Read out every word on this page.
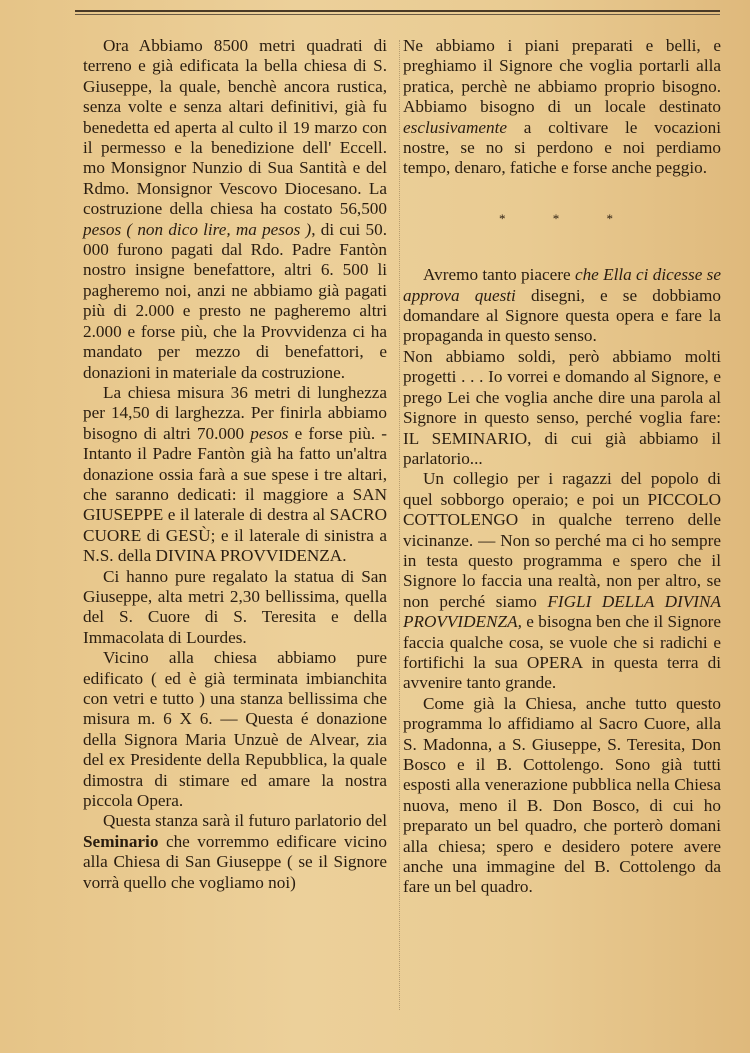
Ora Abbiamo 8500 metri quadrati di terreno e già edificata la bella chiesa di S. Giuseppe, la quale, benchè ancora rustica, senza volte e senza altari definitivi, già fu benedetta ed aperta al culto il 19 marzo con il permesso e la benedizione dell' Eccell. mo Monsignor Nunzio di Sua Santità e del Rdmo. Monsignor Vescovo Diocesano. La costruzione della chiesa ha costato 56,500 pesos ( non dico lire, ma pesos ), di cui 50. 000 furono pagati dal Rdo. Padre Fantòn nostro insigne benefattore, altri 6. 500 li pagheremo noi, anzi ne abbiamo già pagati più di 2.000 e presto ne pagheremo altri 2.000 e forse più, che la Provvidenza ci ha mandato per mezzo di benefattori, e donazioni in materiale da costruzione.

La chiesa misura 36 metri di lunghezza per 14,50 di larghezza. Per finirla abbiamo bisogno di altri 70.000 pesos e forse più. - Intanto il Padre Fantòn già ha fatto un'altra donazione ossia farà a sue spese i tre altari, che saranno dedicati: il maggiore a SAN GIUSEPPE e il laterale di destra al SACRO CUORE di GESÙ; e il laterale di sinistra a N.S. della DIVINA PROVVIDENZA.

Ci hanno pure regalato la statua di San Giuseppe, alta metri 2,30 bellissima, quella del S. Cuore di S. Teresita e della Immacolata di Lourdes.

Vicino alla chiesa abbiamo pure edificato ( ed è già terminata imbianchita con vetri e tutto ) una stanza bellissima che misura m. 6 X 6. — Questa é donazione della Signora Maria Unzuè de Alvear, zia del ex Presidente della Repubblica, la quale dimostra di stimare ed amare la nostra piccola Opera.

Questa stanza sarà il futuro parlatorio del Seminario che vorremmo edificare vicino alla Chiesa di San Giuseppe ( se il Signore vorrà quello che vogliamo noi)

Ne abbiamo i piani preparati e belli, e preghiamo il Signore che voglia portarli alla pratica, perchè ne abbiamo proprio bisogno. Abbiamo bisogno di un locale destinato esclusivamente a coltivare le vocazioni nostre, se no si perdono e noi perdiamo tempo, denaro, fatiche e forse anche peggio.

* * *

Avremo tanto piacere che Ella ci dicesse se approva questi disegni, e se dobbiamo domandare al Signore questa opera e fare la propaganda in questo senso.

Non abbiamo soldi, però abbiamo molti progetti . . . Io vorrei e domando al Signore, e prego Lei che voglia anche dire una parola al Signore in questo senso, perché voglia fare: IL SEMINARIO, di cui già abbiamo il parlatorio...

Un collegio per i ragazzi del popolo di quel sobborgo operaio; e poi un PICCOLO COTTOLENGO in qualche terreno delle vicinanze. — Non so perché ma ci ho sempre in testa questo programma e spero che il Signore lo faccia una realtà, non per altro, se non perché siamo FIGLI DELLA DIVINA PROVVIDENZA, e bisogna ben che il Signore faccia qualche cosa, se vuole che si radichi e fortifichi la sua OPERA in questa terra di avvenire tanto grande.

Come già la Chiesa, anche tutto questo programma lo affidiamo al Sacro Cuore, alla S. Madonna, a S. Giuseppe, S. Teresita, Don Bosco e il B. Cottolengo. Sono già tutti esposti alla venerazione pubblica nella Chiesa nuova, meno il B. Don Bosco, di cui ho preparato un bel quadro, che porterò domani alla chiesa; spero e desidero potere avere anche una immagine del B. Cottolengo da fare un bel quadro.
